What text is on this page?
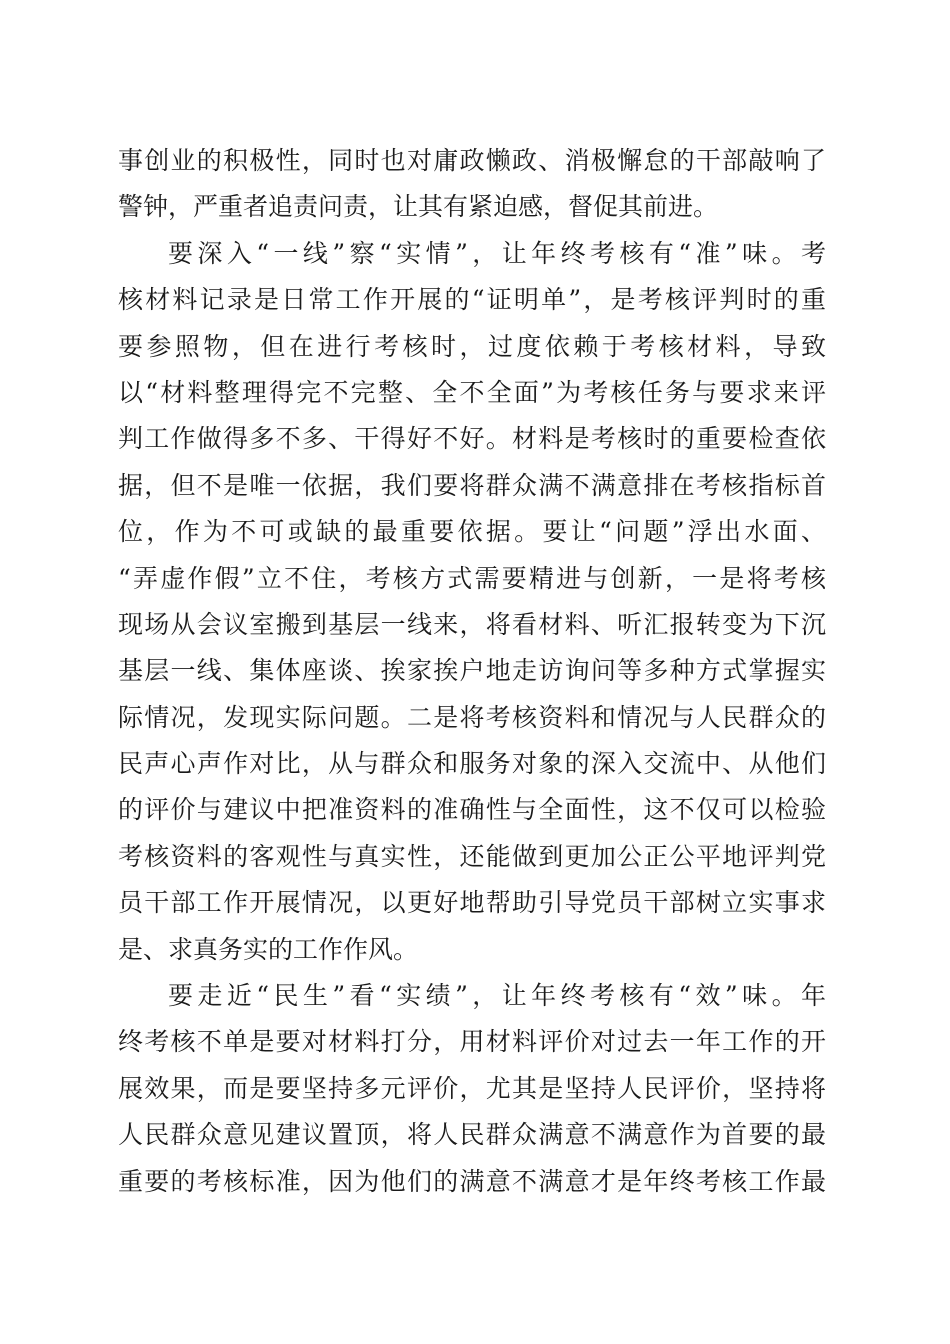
事创业的积极性，同时也对庸政懒政、消极懈怠的干部敲响了
警钟，严重者追责问责，让其有紧迫感，督促其前进。
要深入“一线”察“实情”，让年终考核有“准”味。考
核材料记录是日常工作开展的“证明单”，是考核评判时的重
要参照物，但在进行考核时，过度依赖于考核材料，导致
以“材料整理得完不完整、全不全面”为考核任务与要求来评
判工作做得多不多、干得好不好。材料是考核时的重要检查依
据，但不是唯一依据，我们要将群众满不满意排在考核指标首
位，作为不可或缺的最重要依据。要让“问题”浮出水面、
“弄虚作假”立不住，考核方式需要精进与创新，一是将考核
现场从会议室搬到基层一线来，将看材料、听汇报转变为下沉
基层一线、集体座谈、挨家挨户地走访询问等多种方式掌握实
际情况，发现实际问题。二是将考核资料和情况与人民群众的
民声心声作对比，从与群众和服务对象的深入交流中、从他们
的评价与建议中把准资料的准确性与全面性，这不仅可以检验
考核资料的客观性与真实性，还能做到更加公正公平地评判党
员干部工作开展情况，以更好地帮助引导党员干部树立实事求
是、求真务实的工作作风。
要走近“民生”看“实绩”，让年终考核有“效”味。年
终考核不单是要对材料打分，用材料评价对过去一年工作的开
展效果，而是要坚持多元评价，尤其是坚持人民评价，坚持将
人民群众意见建议置顶，将人民群众满意不满意作为首要的最
重要的考核标准，因为他们的满意不满意才是年终考核工作最
